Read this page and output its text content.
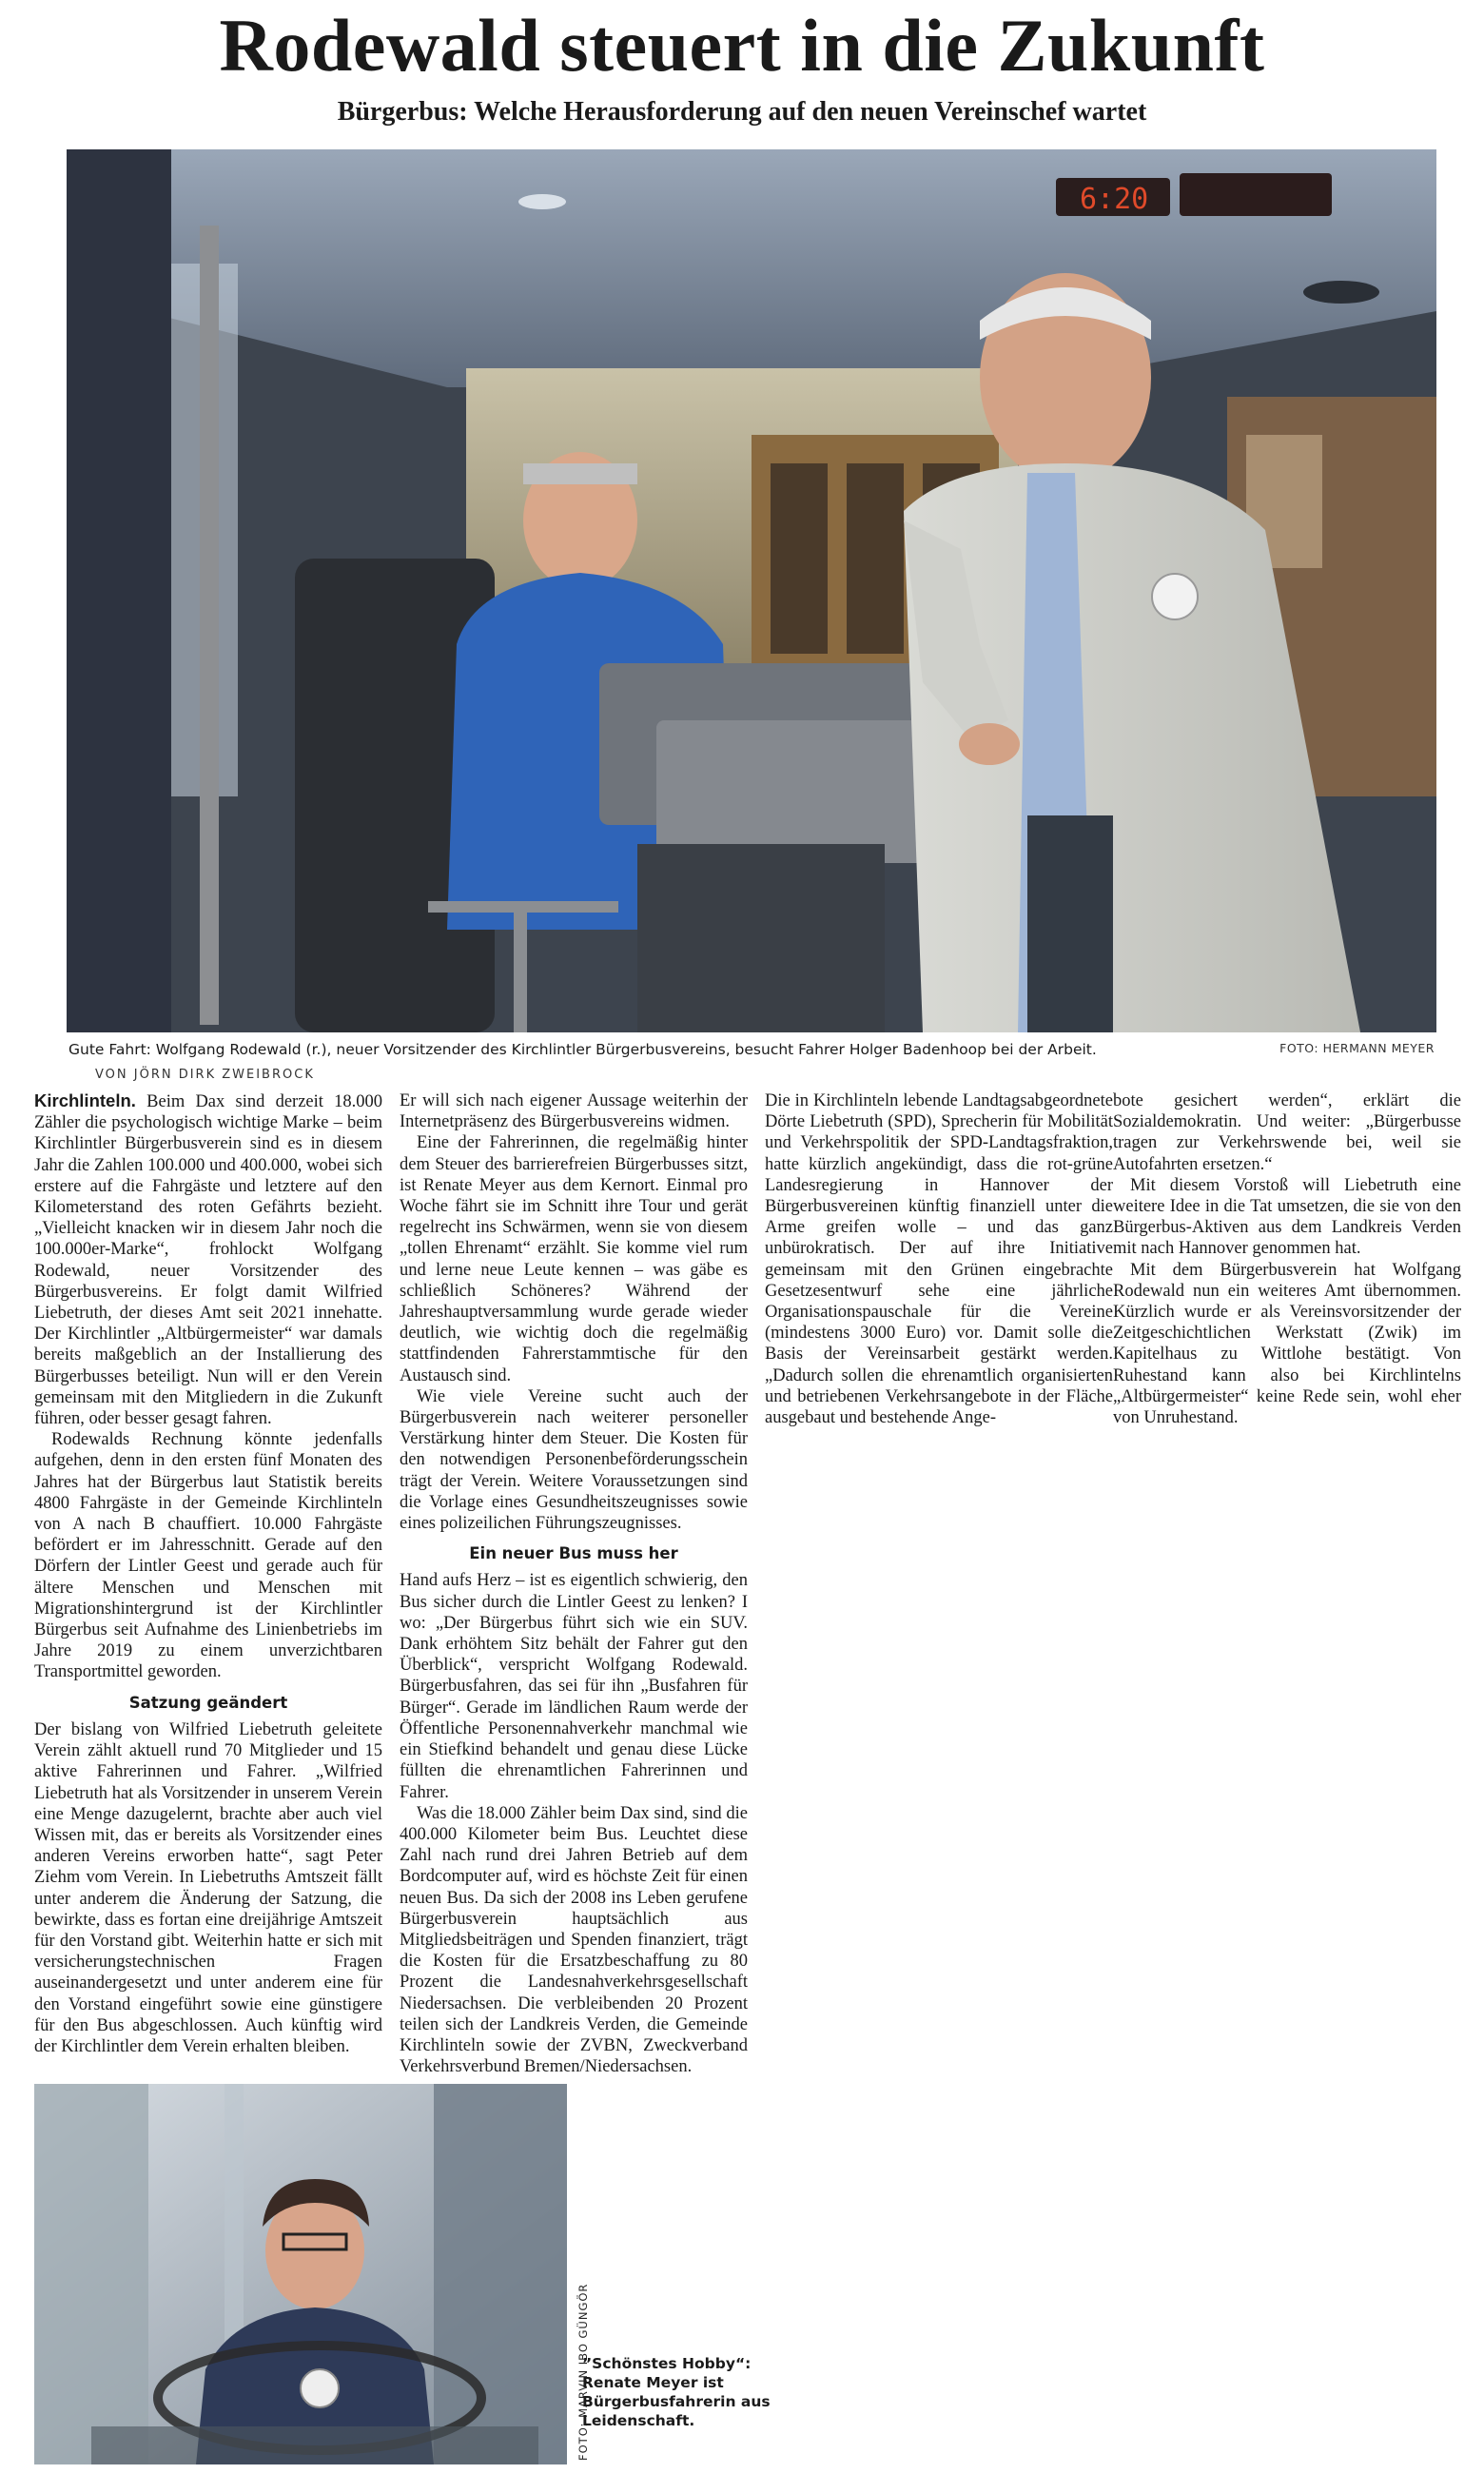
Rodewald steuert in die Zukunft
Bürgerbus: Welche Herausforderung auf den neuen Vereinschef wartet
6:20
Gute Fahrt: Wolfgang Rodewald (r.), neuer Vorsitzender des Kirchlintler Bürgerbusvereins, besucht Fahrer Holger Badenhoop bei der Arbeit.	FOTO: HERMANN MEYER
VON JÖRN DIRK ZWEIBROCK

Kirchlinteln. Beim Dax sind derzeit 18.000 Zähler die psychologisch wichtige Marke – beim Kirchlintler Bürgerbusverein sind es in diesem Jahr die Zahlen 100.000 und 400.000, wobei sich erstere auf die Fahrgäste und letztere auf den Kilometerstand des roten Gefährts bezieht. „Vielleicht knacken wir in diesem Jahr noch die 100.000er-Marke“, frohlockt Wolfgang Rodewald, neuer Vorsitzender des Bürgerbusvereins. Er folgt damit Wilfried Liebetruth, der dieses Amt seit 2021 innehatte. Der Kirchlintler „Altbürgermeister“ war damals bereits maßgeblich an der Installierung des Bürgerbusses beteiligt. Nun will er den Verein gemeinsam mit den Mitgliedern in die Zukunft führen, oder besser gesagt fahren.

Rodewalds Rechnung könnte jedenfalls aufgehen, denn in den ersten fünf Monaten des Jahres hat der Bürgerbus laut Statistik bereits 4800 Fahrgäste in der Gemeinde Kirchlinteln von A nach B chauffiert. 10.000 Fahrgäste befördert er im Jahresschnitt. Gerade auf den Dörfern der Lintler Geest und gerade auch für ältere Menschen und Menschen mit Migrationshintergrund ist der Kirchlintler Bürgerbus seit Aufnahme des Linienbetriebs im Jahre 2019 zu einem unverzichtbaren Transportmittel geworden.

Satzung geändert

Der bislang von Wilfried Liebetruth geleitete Verein zählt aktuell rund 70 Mitglieder und 15 aktive Fahrerinnen und Fahrer. „Wilfried Liebetruth hat als Vorsitzender in unserem Verein eine Menge dazugelernt, brachte aber auch viel Wissen mit, das er bereits als Vorsitzender eines anderen Vereins erworben hatte“, sagt Peter Ziehm vom Verein. In Liebetruths Amtszeit fällt unter anderem die Änderung der Satzung, die bewirkte, dass es fortan eine dreijährige Amtszeit für den Vorstand gibt. Weiterhin hatte er sich mit versicherungstechnischen Fragen auseinandergesetzt und unter anderem eine für den Vorstand eingeführt sowie eine günstigere für den Bus abgeschlossen. Auch künftig wird der Kirchlintler dem Verein erhalten bleiben.

Er will sich nach eigener Aussage weiterhin der Internetpräsenz des Bürgerbusvereins widmen.

Eine der Fahrerinnen, die regelmäßig hinter dem Steuer des barrierefreien Bürgerbusses sitzt, ist Renate Meyer aus dem Kernort. Einmal pro Woche fährt sie im Schnitt ihre Tour und gerät regelrecht ins Schwärmen, wenn sie von diesem „tollen Ehrenamt“ erzählt. Sie komme viel rum und lerne neue Leute kennen – was gäbe es schließlich Schöneres? Während der Jahreshauptversammlung wurde gerade wieder deutlich, wie wichtig doch die regelmäßig stattfindenden Fahrerstammtische für den Austausch sind.

Wie viele Vereine sucht auch der Bürgerbusverein nach weiterer personeller Verstärkung hinter dem Steuer. Die Kosten für den notwendigen Personenbeförderungsschein trägt der Verein. Weitere Voraussetzungen sind die Vorlage eines Gesundheitszeugnisses sowie eines polizeilichen Führungszeugnisses.

Ein neuer Bus muss her

Hand aufs Herz – ist es eigentlich schwierig, den Bus sicher durch die Lintler Geest zu lenken? I wo: „Der Bürgerbus führt sich wie ein SUV. Dank erhöhtem Sitz behält der Fahrer gut den Überblick“, verspricht Wolfgang Rodewald. Bürgerbusfahren, das sei für ihn „Busfahren für Bürger“. Gerade im ländlichen Raum werde der Öffentliche Personennahverkehr manchmal wie ein Stiefkind behandelt und genau diese Lücke füllten die ehrenamtlichen Fahrerinnen und Fahrer.

Was die 18.000 Zähler beim Dax sind, sind die 400.000 Kilometer beim Bus. Leuchtet diese Zahl nach rund drei Jahren Betrieb auf dem Bordcomputer auf, wird es höchste Zeit für einen neuen Bus. Da sich der 2008 ins Leben gerufene Bürgerbusverein hauptsächlich aus Mitgliedsbeiträgen und Spenden finanziert, trägt die Kosten für die Ersatzbeschaffung zu 80 Prozent die Landesnahverkehrsgesellschaft Niedersachsen. Die verbleibenden 20 Prozent teilen sich der Landkreis Verden, die Gemeinde Kirchlinteln sowie der ZVBN, Zweckverband Verkehrsverbund Bremen/Niedersachsen.

Die in Kirchlinteln lebende Landtagsabgeordnete Dörte Liebetruth (SPD), Sprecherin für Mobilität und Verkehrspolitik der SPD-Landtagsfraktion, hatte kürzlich angekündigt, dass die rot-grüne Landesregierung in Hannover der Bürgerbusvereinen künftig finanziell unter die Arme greifen wolle – und das ganz unbürokratisch. Der auf ihre Initiative gemeinsam mit den Grünen eingebrachte Gesetzesentwurf sehe eine jährliche Organisationspauschale für die Vereine (mindestens 3000 Euro) vor. Damit solle die Basis der Vereinsarbeit gestärkt werden. „Dadurch sollen die ehrenamtlich organisierten und betriebenen Verkehrsangebote in der Fläche ausgebaut und bestehende Ange-

bote gesichert werden“, erklärt die Sozialdemokratin. Und weiter: „Bürgerbusse tragen zur Verkehrswende bei, weil sie Autofahrten ersetzen.“

Mit diesem Vorstoß will Liebetruth eine weitere Idee in die Tat umsetzen, die sie von den Bürgerbus-Aktiven aus dem Landkreis Verden mit nach Hannover genommen hat.

Mit dem Bürgerbusverein hat Wolfgang Rodewald nun ein weiteres Amt übernommen. Kürzlich wurde er als Vereinsvorsitzender der Zeitgeschichtlichen Werkstatt (Zwik) im Kapitelhaus zu Wittlohe bestätigt. Von Ruhestand kann also bei Kirchlintelns „Altbürgermeister“ keine Rede sein, wohl eher von Unruhestand.

FOTO: MARVIN IBO GÜNGÖR
”Schönstes Hobby“: Renate Meyer ist Bürgerbusfahrerin aus Leidenschaft.
